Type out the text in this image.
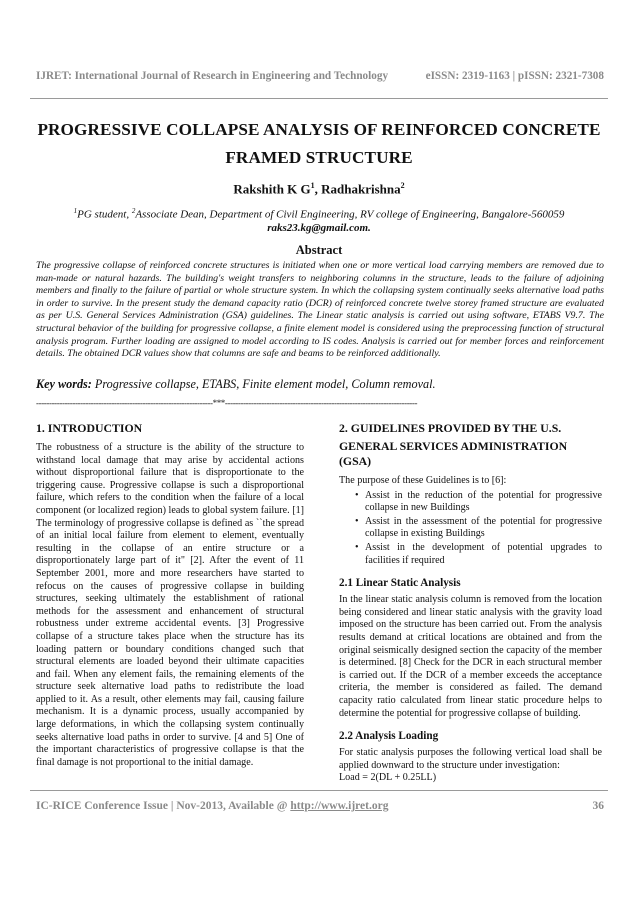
IJRET: International Journal of Research in Engineering and Technology	eISSN: 2319-1163 | pISSN: 2321-7308
PROGRESSIVE COLLAPSE ANALYSIS OF REINFORCED CONCRETE
FRAMED STRUCTURE
Rakshith K $G^1$, Radhakrishna$^2$
$^1$PG student, $^2$Associate Dean, Department of Civil Engineering, RV college of Engineering, Bangalore-560059
raks23.kg@gmail.com.
Abstract
The progressive collapse of reinforced concrete structures is initiated when one or more vertical load carrying members are removed due to man-made or natural hazards. The building's weight transfers to neighboring columns in the structure, leads to the failure of adjoining members and finally to the failure of partial or whole structure system. In which the collapsing system continually seeks alternative load paths in order to survive. In the present study the demand capacity ratio (DCR) of reinforced concrete twelve storey framed structure are evaluated as per U.S. General Services Administration (GSA) guidelines. The Linear static analysis is carried out using software, ETABS V9.7. The structural behavior of the building for progressive collapse, a finite element model is considered using the preprocessing function of structural analysis program. Further loading are assigned to model according to IS codes. Analysis is carried out for member forces and reinforcement details. The obtained DCR values show that columns are safe and beams to be reinforced additionally.
Key words: Progressive collapse, ETABS, Finite element model, Column removal.
--------------------------------------------------------------------***--------------------------------------------------------------------------
1. INTRODUCTION

The robustness of a structure is the ability of the structure to withstand local damage that may arise by accidental actions without disproportional failure that is disproportionate to the triggering cause. Progressive collapse is such a disproportional failure, which refers to the condition when the failure of a local component (or localized region) leads to global system failure. [1] The terminology of progressive collapse is defined as ``the spread of an initial local failure from element to element, eventually resulting in the collapse of an entire structure or a disproportionately large part of it" [2]. After the event of 11 September 2001, more and more researchers have started to refocus on the causes of progressive collapse in building structures, seeking ultimately the establishment of rational methods for the assessment and enhancement of structural robustness under extreme accidental events. [3] Progressive collapse of a structure takes place when the structure has its loading pattern or boundary conditions changed such that structural elements are loaded beyond their ultimate capacities and fail. When any element fails, the remaining elements of the structure seek alternative load paths to redistribute the load applied to it. As a result, other elements may fail, causing failure mechanism. It is a dynamic process, usually accompanied by large deformations, in which the collapsing system continually seeks alternative load paths in order to survive. [4 and 5] One of the important characteristics of progressive collapse is that the final damage is not proportional to the initial damage.

2. GUIDELINES PROVIDED BY THE U.S.
GENERAL SERVICES ADMINISTRATION (GSA)

The purpose of these Guidelines is to [6]:

• Assist in the reduction of the potential for progressive collapse in new Buildings
• Assist in the assessment of the potential for progressive collapse in existing Buildings
• Assist in the development of potential upgrades to facilities if required
2.1 Linear Static Analysis

In the linear static analysis column is removed from the location being considered and linear static analysis with the gravity load imposed on the structure has been carried out. From the analysis results demand at critical locations are obtained and from the original seismically designed section the capacity of the member is determined. [8] Check for the DCR in each structural member is carried out. If the DCR of a member exceeds the acceptance criteria, the member is considered as failed. The demand capacity ratio calculated from linear static procedure helps to determine the potential for progressive collapse of building.

2.2 Analysis Loading

For static analysis purposes the following vertical load shall be applied downward to the structure under investigation:

Load = 2(DL + 0.25LL)

IC-RICE Conference Issue | Nov-2013, Available @ http://www.ijret.org	36
